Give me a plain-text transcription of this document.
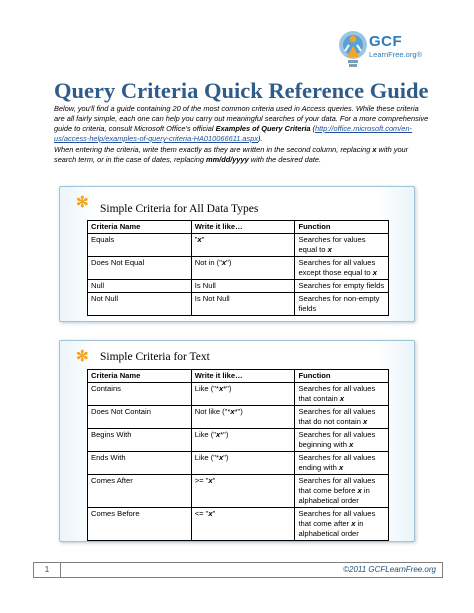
GCF
LearnFree.org®
Query Criteria Quick Reference Guide
Below, you'll find a guide containing 20 of the most common criteria used in Access queries. While these criteria are all fairly simple, each one can help you carry out meaningful searches of your data. For a more comprehensive guide to criteria, consult Microsoft Office's official Examples of Query Criteria (http://office.microsoft.com/en-us/access-help/examples-of-query-criteria-HA010066611.aspx).
When entering the criteria, write them exactly as they are written in the second column, replacing x with your search term, or in the case of dates, replacing mm/dd/yyyy with the desired date.
✻ Simple Criteria for All Data Types
Criteria Name	Write it like…	Function
Equals	"x"	Searches for values equal to x
Does Not Equal	Not in ("x")	Searches for all values except those equal to x
Null	Is Null	Searches for empty fields
Not Null	Is Not Null	Searches for non-empty fields
✻ Simple Criteria for Text
Criteria Name	Write it like…	Function
Contains	Like ("*x*")	Searches for all values that contain x
Does Not Contain	Not like ("*x*")	Searches for all values that do not contain x
Begins With	Like ("x*")	Searches for all values beginning with x
Ends With	Like ("*x")	Searches for all values ending with x
Comes After	>= "x"	Searches for all values that come before x in alphabetical order
Comes Before	<= "x"	Searches for all values that come after x in alphabetical order
1	©2011 GCFLearnFree.org
